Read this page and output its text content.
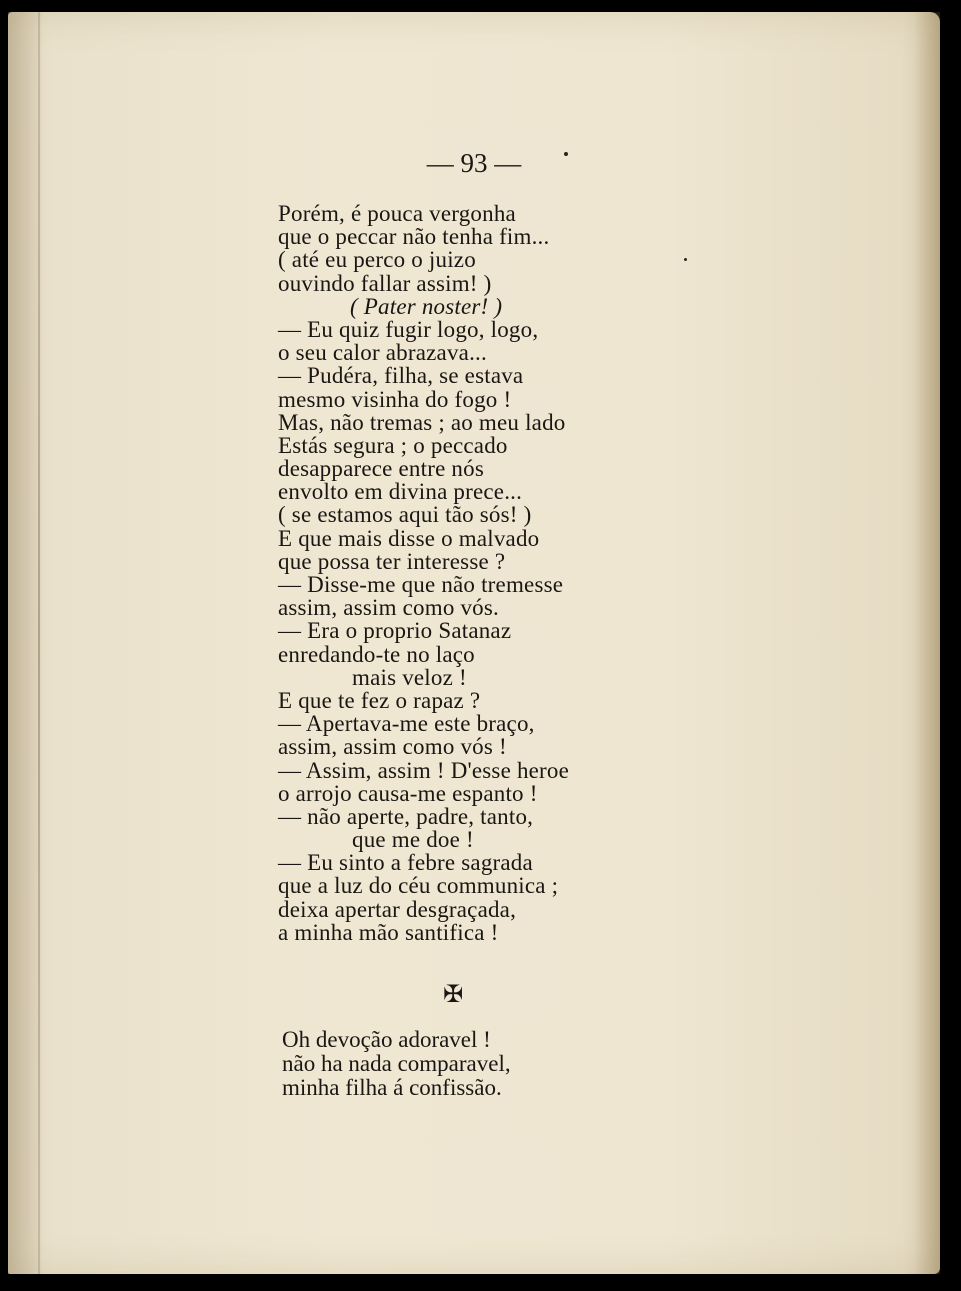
— 93 —
Porém, é pouca vergonha
que o peccar não tenha fim...
( até eu perco o juizo
ouvindo fallar assim! )
( Pater noster! )
— Eu quiz fugir logo, logo,
o seu calor abrazava...
— Pudéra, filha, se estava
mesmo visinha do fogo !
Mas, não tremas ; ao meu lado
Estás segura ; o peccado
desapparece entre nós
envolto em divina prece...
( se estamos aqui tão sós! )
E que mais disse o malvado
que possa ter interesse ?
— Disse-me que não tremesse
assim, assim como vós.
— Era o proprio Satanaz
enredando-te no laço
mais veloz !
E que te fez o rapaz ?
— Apertava-me este braço,
assim, assim como vós !
— Assim, assim ! D'esse heroe
o arrojo causa-me espanto !
— não aperte, padre, tanto,
que me doe !
— Eu sinto a febre sagrada
que a luz do céu communica ;
deixa apertar desgraçada,
a minha mão santifica !
✠
Oh devoção adoravel !
não ha nada comparavel,
minha filha á confissão.
